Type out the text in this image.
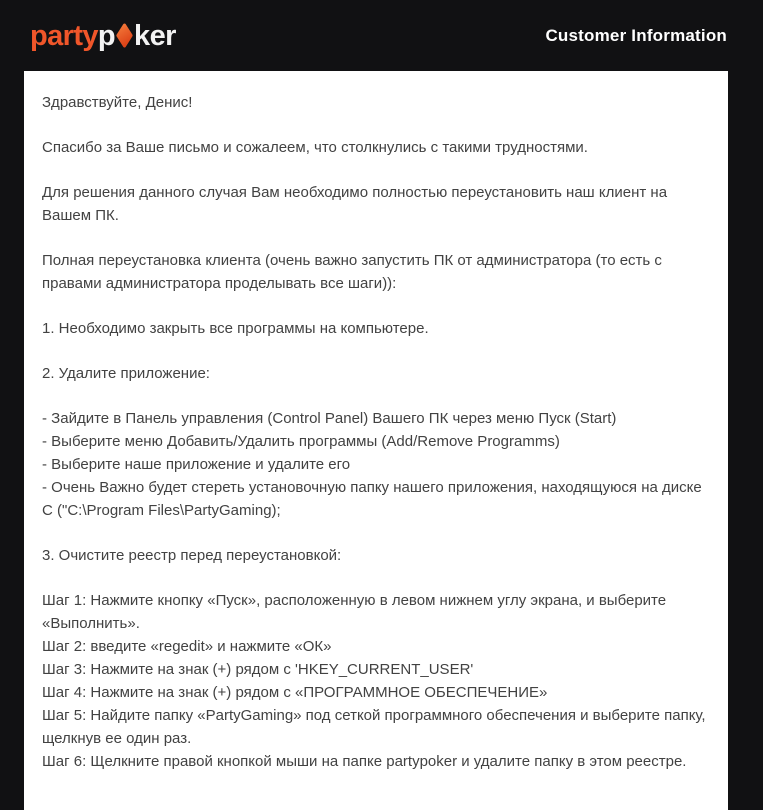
party p ker	Customer Information

Здравствуйте, Денис!

Спасибо за Ваше письмо и сожалеем, что столкнулись с такими трудностями.

Для решения данного случая Вам необходимо полностью переустановить наш клиент на Вашем ПК.

Полная переустановка клиента (очень важно запустить ПК от администратора (то есть с правами администратора проделывать все шаги)):

1. Необходимо закрыть все программы на компьютере.

2. Удалите приложение:

- Зайдите в Панель управления (Control Panel) Вашего ПК через меню Пуск (Start)
- Выберите меню Добавить/Удалить программы (Add/Remove Programms)
- Выберите наше приложение и удалите его
- Очень Важно будет стереть установочную папку нашего приложения, находящуюся на диске C ("C:\Program Files\PartyGaming);

3. Очистите реестр перед переустановкой:

Шаг 1: Нажмите кнопку «Пуск», расположенную в левом нижнем углу экрана, и выберите «Выполнить».
Шаг 2: введите «regedit» и нажмите «ОК»
Шаг 3: Нажмите на знак (+) рядом с 'HKEY_CURRENT_USER'
Шаг 4: Нажмите на знак (+) рядом с «ПРОГРАММНОЕ ОБЕСПЕЧЕНИЕ»
Шаг 5: Найдите папку «PartyGaming» под сеткой программного обеспечения и выберите папку, щелкнув ее один раз.
Шаг 6: Щелкните правой кнопкой мыши на папке partypoker и удалите папку в этом реестре.
